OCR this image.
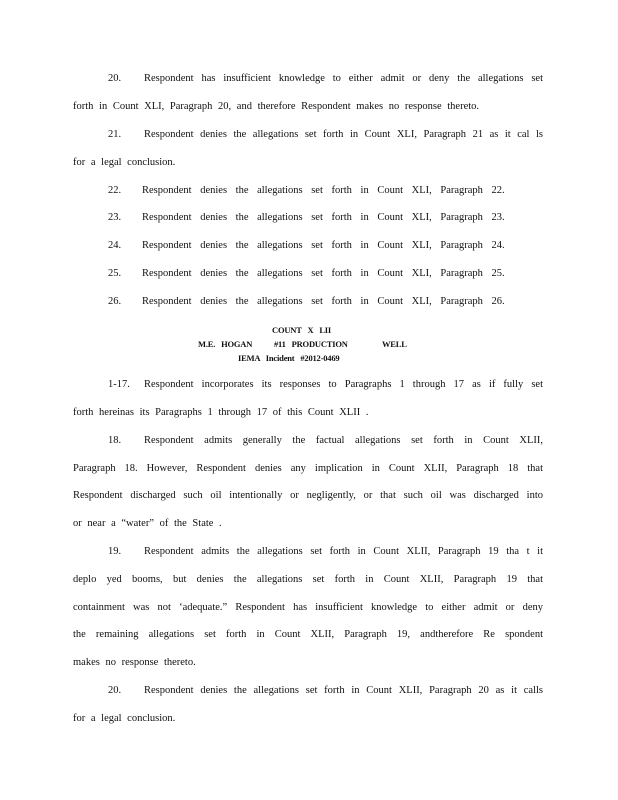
20. Respondent has insufficient knowledge to either admit or deny the allegations set
forth in Count XLI, Paragraph 20, and therefore Respondent makes no response thereto.
21. Respondent denies the allegations set forth in Count XLI, Paragraph 21 as it cal ls
for a legal conclusion.
22.	Respondent denies the allegations set forth in Count XLI, Paragraph 22.
23.	Respondent denies the allegations set forth in Count XLI, Paragraph 23.
24.	Respondent denies the allegations set forth in Count XLI, Paragraph 24.
25.	Respondent denies the allegations set forth in Count XLI, Paragraph 25.
26.	Respondent denies the allegations set forth in Count XLI, Paragraph 26.
COUNT X LII
M.E. HOGAN	#11 PRODUCTION	WELL
IEMA Incident #2012-0469
1-17. Respondent incorporates its responses to Paragraphs 1 through 17 as if fully set
forth hereinas its Paragraphs 1 through 17 of this Count XLII .
18. Respondent admits generally the factual allegations set forth in Count XLII,
Paragraph 18. However, Respondent denies any implication in Count XLII, Paragraph 18 that
Respondent discharged such oil intentionally or negligently, or that such oil was discharged into
or near a “water” of the State .
19. Respondent admits the allegations set forth in Count XLII, Paragraph 19 tha t it
deplo yed booms, but denies the allegations set forth in Count XLII, Paragraph 19 that
containment was not ‘adequate.” Respondent has insufficient knowledge to either admit or deny
the remaining allegations set forth in Count XLII, Paragraph 19, andtherefore Re spondent
makes no response thereto.
20. Respondent denies the allegations set forth in Count XLII, Paragraph 20 as it calls
for a legal conclusion.
